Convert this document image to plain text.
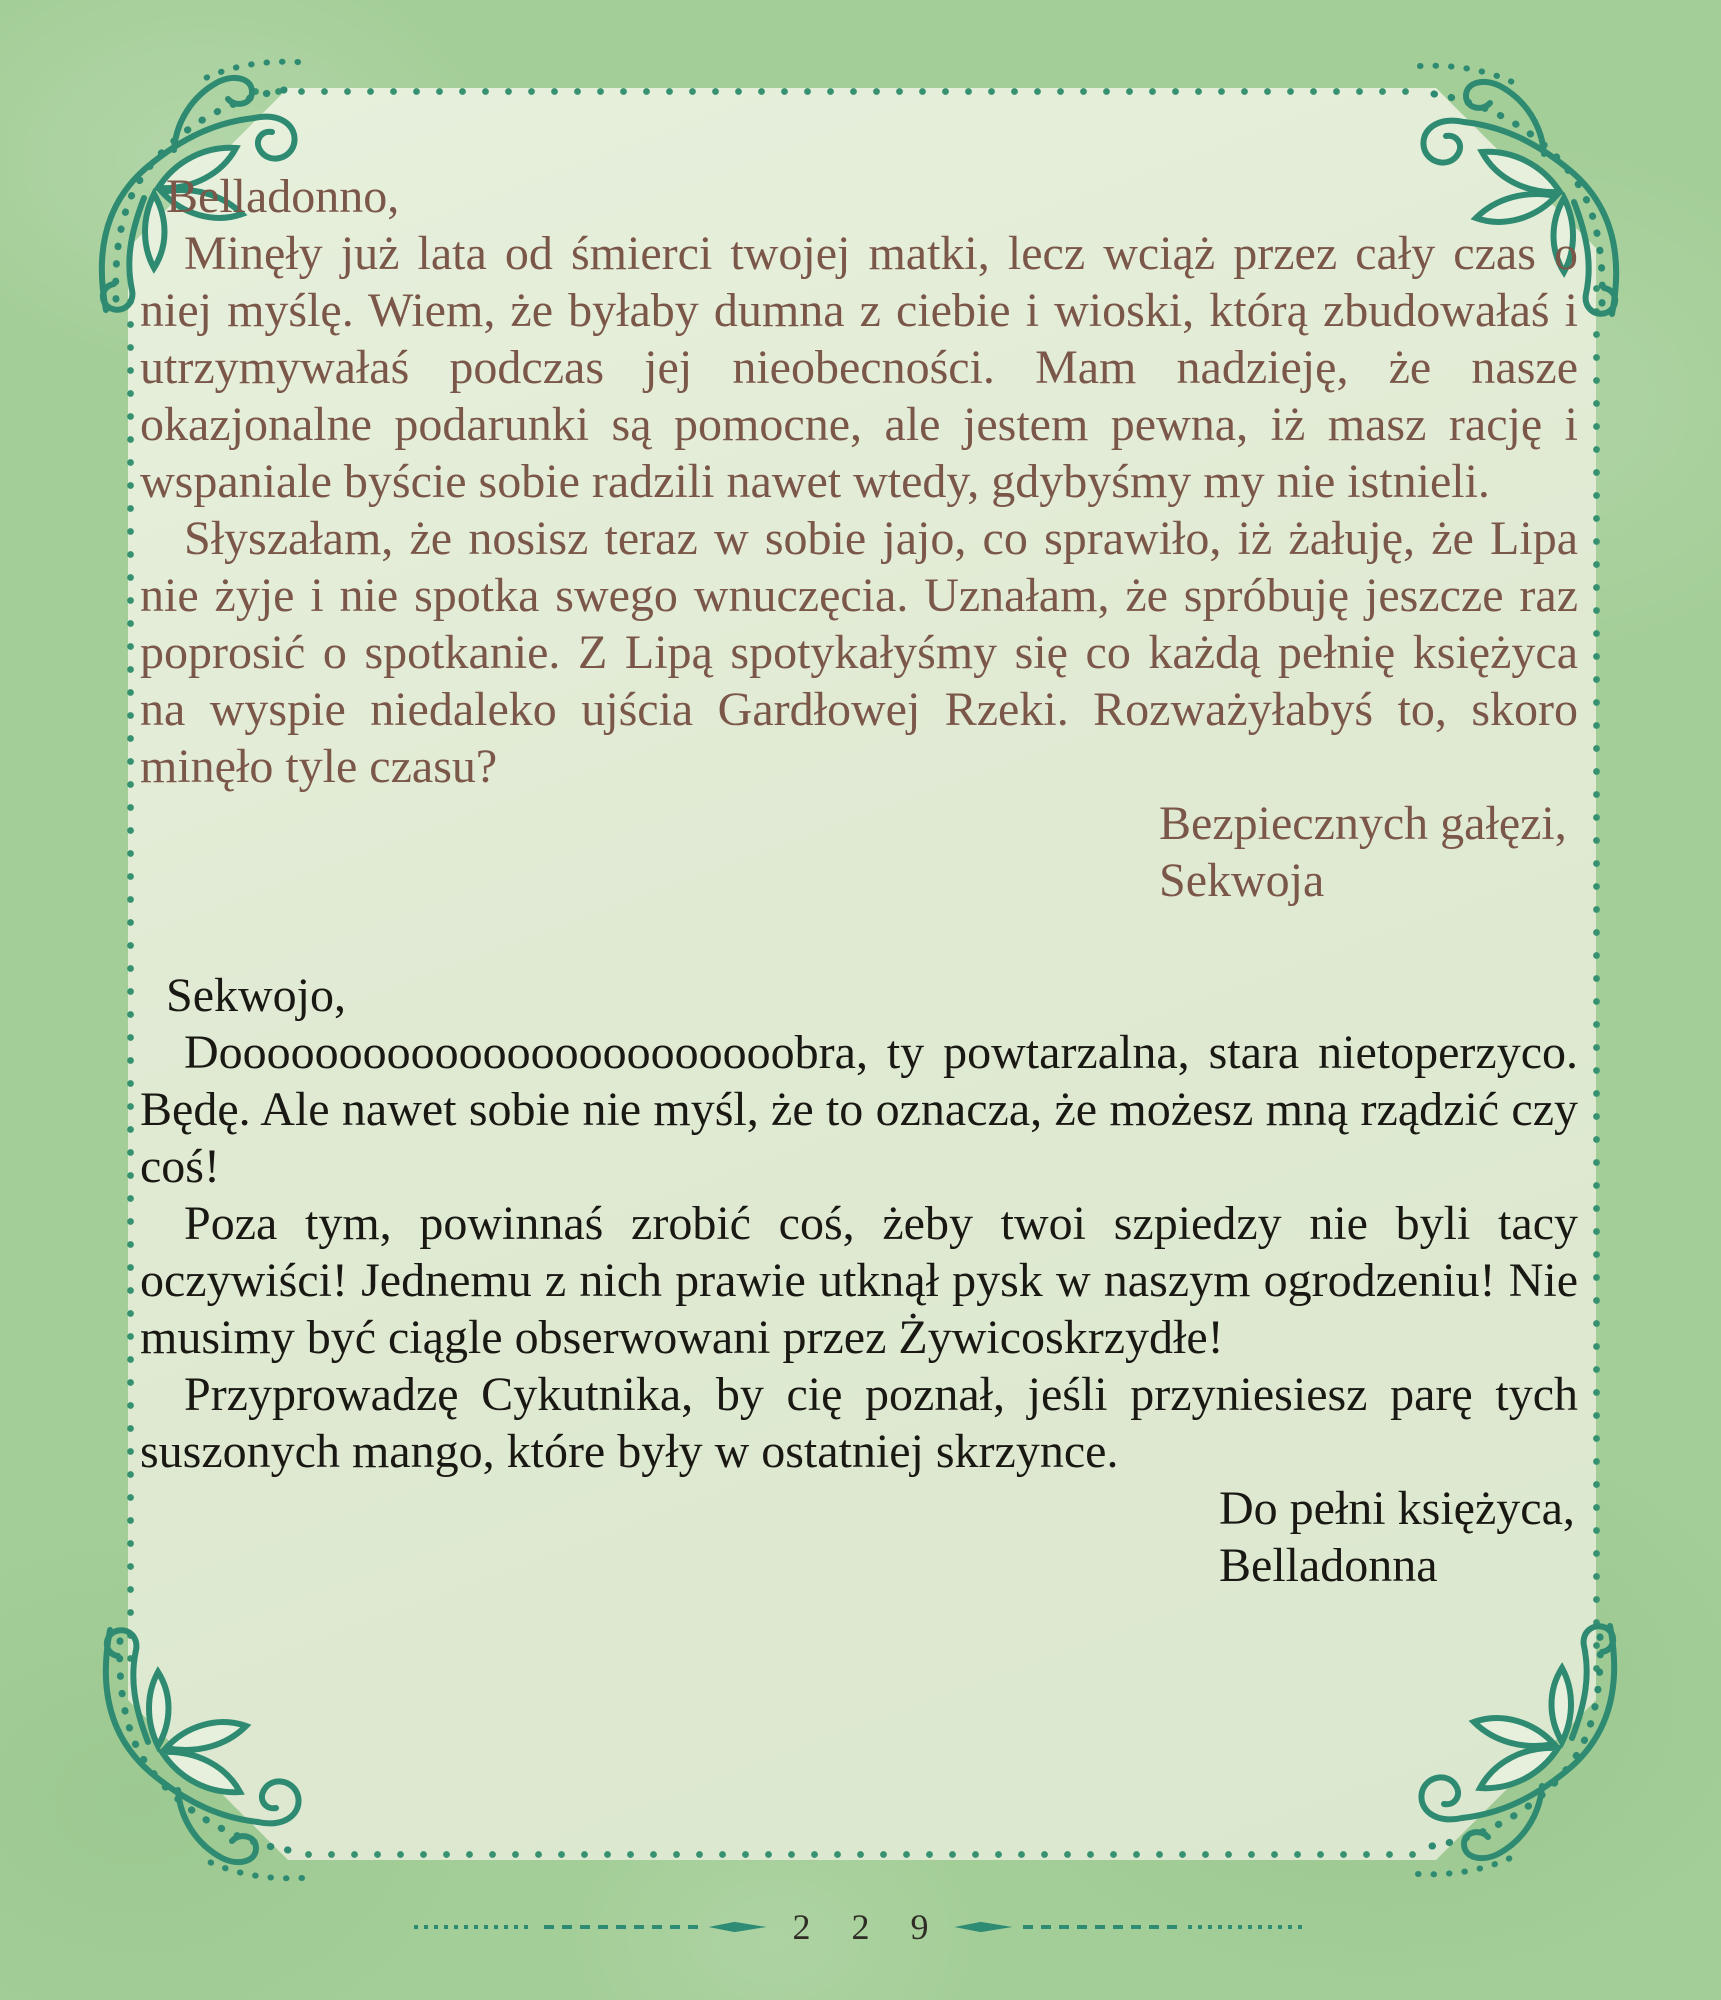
Belladonno,

Minęły już lata od śmierci twojej matki, lecz wciąż przez cały czas o niej myślę. Wiem, że byłaby dumna z ciebie i wioski, którą zbudowałaś i utrzymywałaś podczas jej nieobecności. Mam nadzieję, że nasze okazjonalne podarunki są pomocne, ale jestem pewna, iż masz rację i wspaniale byście sobie radzili nawet wtedy, gdybyśmy my nie istnieli.

Słyszałam, że nosisz teraz w sobie jajo, co sprawiło, iż żałuję, że Lipa nie żyje i nie spotka swego wnuczęcia. Uznałam, że spróbuję jeszcze raz poprosić o spotkanie. Z Lipą spotykałyśmy się co każdą pełnię księżyca na wyspie niedaleko ujścia Gardłowej Rzeki. Rozważyłabyś to, skoro minęło tyle czasu?

Bezpiecznych gałęzi,

Sekwoja

Sekwojo,

Doooooooooooooooooooooooobra, ty powtarzalna, stara nietoperzyco. Będę. Ale nawet sobie nie myśl, że to oznacza, że możesz mną rządzić czy coś!

Poza tym, powinnaś zrobić coś, żeby twoi szpiedzy nie byli tacy oczywiści! Jednemu z nich prawie utknął pysk w naszym ogrodzeniu! Nie musimy być ciągle obserwowani przez Żywicoskrzydłe!

Przyprowadzę Cykutnika, by cię poznał, jeśli przyniesiesz parę tych suszonych mango, które były w ostatniej skrzynce.

Do pełni księżyca,

Belladonna

2 2 9
